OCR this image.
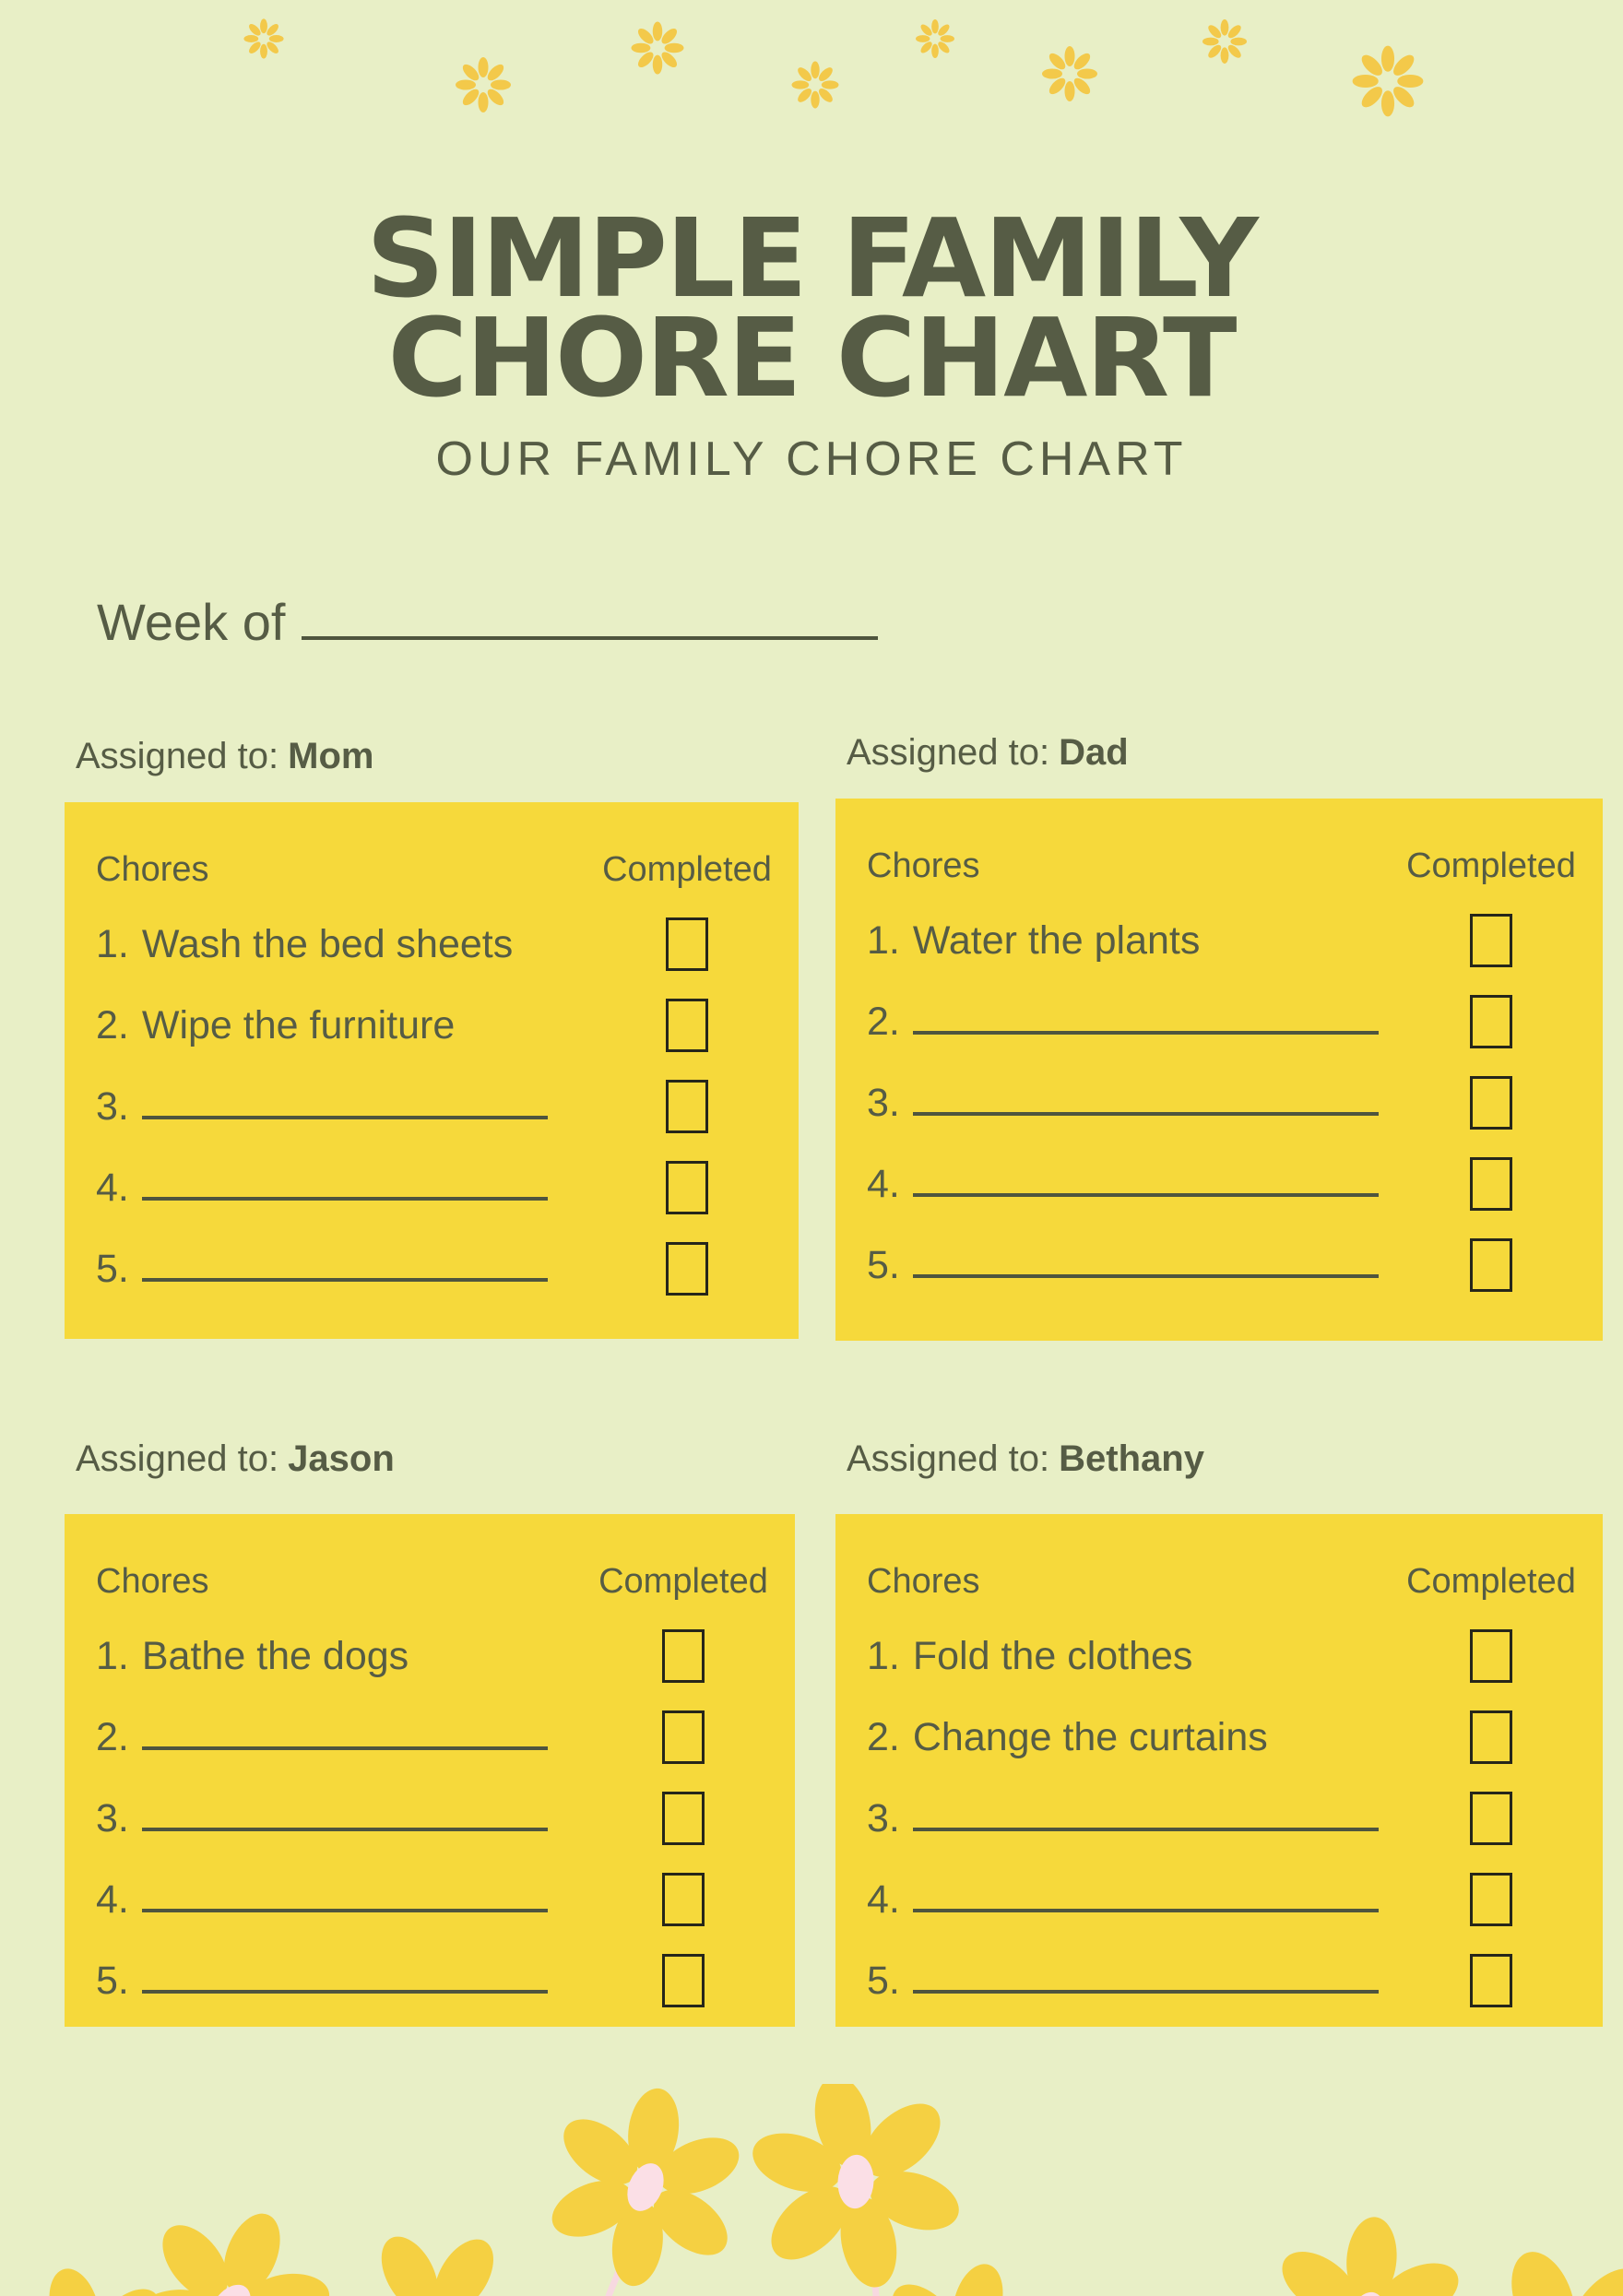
SIMPLE FAMILY
CHORE CHART
OUR FAMILY CHORE CHART
Week of
Assigned to: Mom
Chores	Completed
1. Wash the bed sheets
2. Wipe the furniture
3.
4.
5.
Assigned to: Dad
Chores	Completed
1. Water the plants
2.
3.
4.
5.
Assigned to: Jason
Chores	Completed
1. Bathe the dogs
2.
3.
4.
5.
Assigned to: Bethany
Chores	Completed
1. Fold the clothes
2. Change the curtains
3.
4.
5.
